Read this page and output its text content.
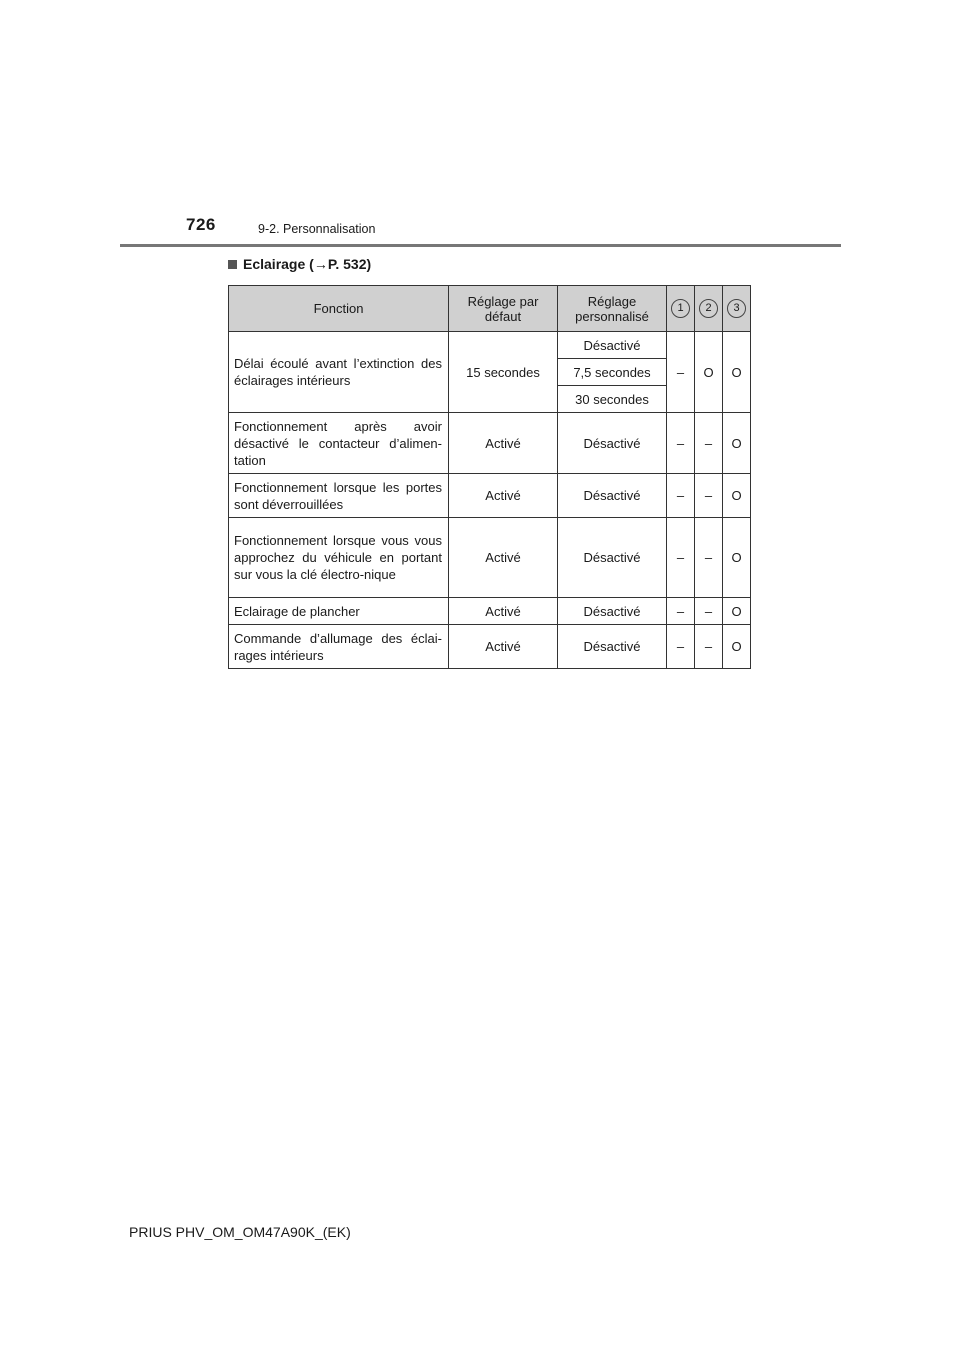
726	9-2. Personnalisation
Eclairage (→P. 532)
Fonction	Réglage par défaut	Réglage personnalisé	1	2	3
Délai écoulé avant l’extinction des éclairages intérieurs	15 secondes	Désactivé	–	O	O
		7,5 secondes			
		30 secondes			
Fonctionnement après avoir désactivé le contacteur d’alimen-tation	Activé	Désactivé	–	–	O
Fonctionnement lorsque les portes sont déverrouillées	Activé	Désactivé	–	–	O
Fonctionnement lorsque vous vous approchez du véhicule en portant sur vous la clé électro-nique	Activé	Désactivé	–	–	O
Eclairage de plancher	Activé	Désactivé	–	–	O
Commande d’allumage des éclai-rages intérieurs	Activé	Désactivé	–	–	O
PRIUS PHV_OM_OM47A90K_(EK)
